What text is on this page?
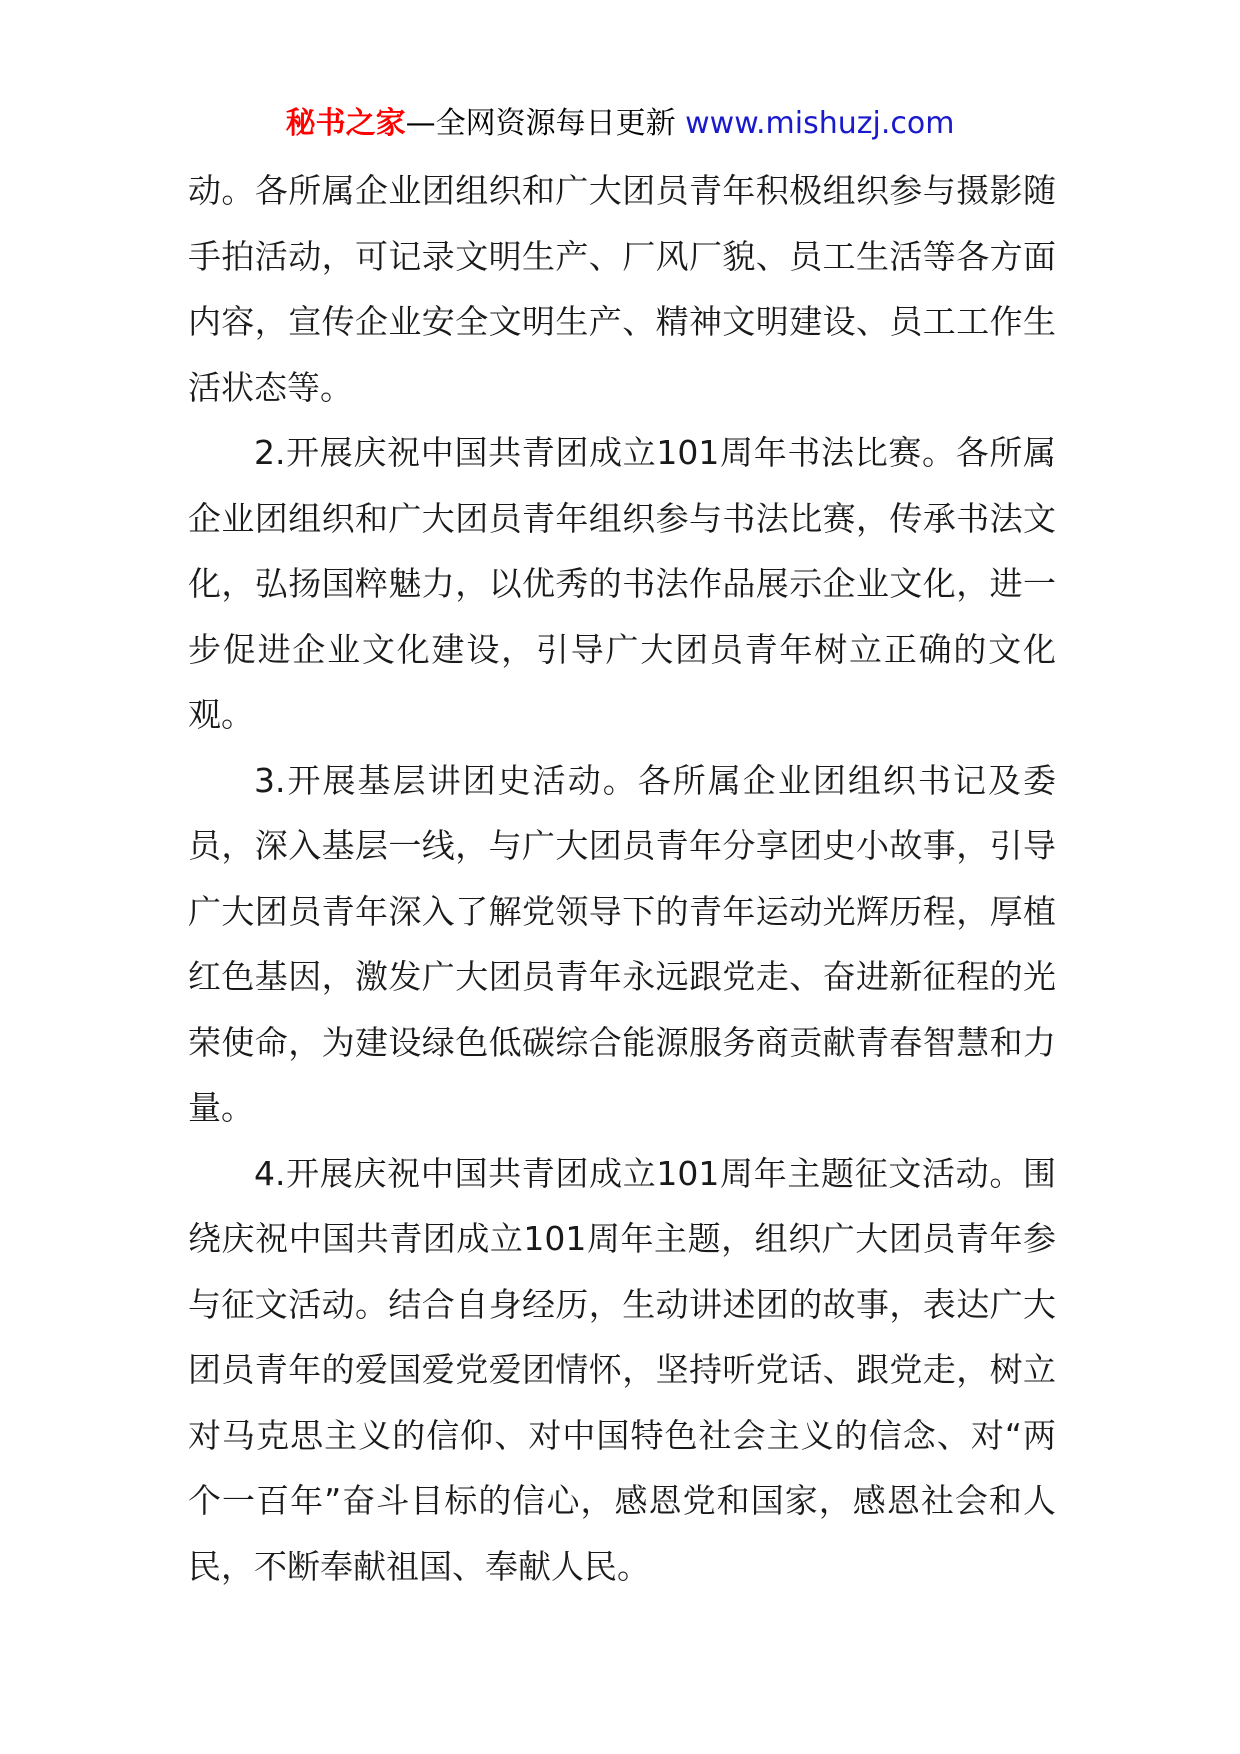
秘书之家—全网资源每日更新 www.mishuzj.com

动。各所属企业团组织和广大团员青年积极组织参与摄影随手拍活动，可记录文明生产、厂风厂貌、员工生活等各方面内容，宣传企业安全文明生产、精神文明建设、员工工作生活状态等。

2.开展庆祝中国共青团成立101周年书法比赛。各所属企业团组织和广大团员青年组织参与书法比赛，传承书法文化，弘扬国粹魅力，以优秀的书法作品展示企业文化，进一步促进企业文化建设，引导广大团员青年树立正确的文化观。

3.开展基层讲团史活动。各所属企业团组织书记及委员，深入基层一线，与广大团员青年分享团史小故事，引导广大团员青年深入了解党领导下的青年运动光辉历程，厚植红色基因，激发广大团员青年永远跟党走、奋进新征程的光荣使命，为建设绿色低碳综合能源服务商贡献青春智慧和力量。

4.开展庆祝中国共青团成立101周年主题征文活动。围绕庆祝中国共青团成立101周年主题，组织广大团员青年参与征文活动。结合自身经历，生动讲述团的故事，表达广大团员青年的爱国爱党爱团情怀，坚持听党话、跟党走，树立对马克思主义的信仰、对中国特色社会主义的信念、对“两个一百年”奋斗目标的信心，感恩党和国家，感恩社会和人民，不断奉献祖国、奉献人民。
